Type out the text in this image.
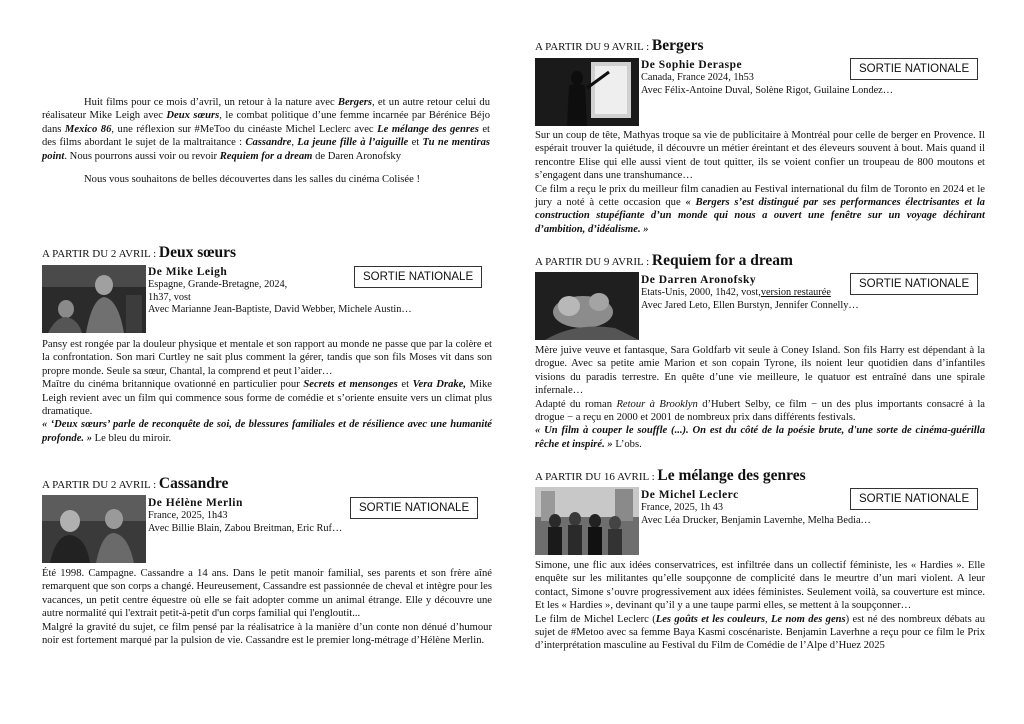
Huit films pour ce mois d’avril, un retour à la nature avec Bergers, et un autre retour celui du réalisateur Mike Leigh avec Deux sœurs, le combat politique d’une femme incarnée par Bérénice Béjo dans Mexico 86, une réflexion sur #MeToo du cinéaste Michel Leclerc avec Le mélange des genres et des films abordant le sujet de la maltraitance : Cassandre, La jeune fille à l’aiguille et Tu ne mentiras point. Nous pourrons aussi voir ou revoir Requiem for a dream de Daren Aronofsky

Nous vous souhaitons de belles découvertes dans les salles du cinéma Colisée !

A PARTIR DU 2 AVRIL : Deux sœurs
De Mike Leigh
Espagne, Grande-Bretagne, 2024,
1h37, vost
Avec Marianne Jean-Baptiste, David Webber, Michele Austin…
SORTIE NATIONALE

Pansy est rongée par la douleur physique et mentale et son rapport au monde ne passe que par la colère et la confrontation. Son mari Curtley ne sait plus comment la gérer, tandis que son fils Moses vit dans son propre monde. Seule sa sœur, Chantal, la comprend et peut l’aider…

Maître du cinéma britannique ovationné en particulier pour Secrets et mensonges et Vera Drake, Mike Leigh revient avec un film qui commence sous forme de comédie et s’oriente ensuite vers un climat plus dramatique.

« ‘Deux sœurs’ parle de reconquête de soi, de blessures familiales et de résilience avec une humanité profonde. » Le bleu du miroir.

A PARTIR DU 2 AVRIL : Cassandre
De Hélène Merlin
France, 2025, 1h43
Avec Billie Blain, Zabou Breitman, Eric Ruf…
SORTIE NATIONALE

Été 1998. Campagne. Cassandre a 14 ans. Dans le petit manoir familial, ses parents et son frère aîné remarquent que son corps a changé. Heureusement, Cassandre est passionnée de cheval et intègre pour les vacances, un petit centre équestre où elle se fait adopter comme un animal étrange. Elle y découvre une autre normalité qui l'extrait petit-à-petit d'un corps familial qui l'engloutit...

Malgré la gravité du sujet, ce film pensé par la réalisatrice à la manière d’un conte non dénué d’humour noir est fortement marqué par la pulsion de vie. Cassandre est le premier long-métrage d’Hélène Merlin.

A PARTIR DU 9 AVRIL : Bergers
De Sophie Deraspe
Canada, France 2024, 1h53
Avec Félix-Antoine Duval, Solène Rigot, Guilaine Londez…
SORTIE NATIONALE

Sur un coup de tête, Mathyas troque sa vie de publicitaire à Montréal pour celle de berger en Provence. Il espérait trouver la quiétude, il découvre un métier éreintant et des éleveurs souvent à bout. Mais quand il rencontre Elise qui elle aussi vient de tout quitter, ils se voient confier un troupeau de 800 moutons et s’engagent dans une transhumance…

Ce film a reçu le prix du meilleur film canadien au Festival international du film de Toronto en 2024 et le jury a noté à cette occasion que « Bergers s’est distingué par ses performances électrisantes et la construction stupéfiante d’un monde qui nous a ouvert une fenêtre sur un voyage déchirant d’ambition, d’idéalisme. »

A PARTIR DU 9 AVRIL : Requiem for a dream
De Darren Aronofsky
Etats-Unis, 2000, 1h42, vost,version restaurée
Avec Jared Leto, Ellen Burstyn, Jennifer Connelly…
SORTIE NATIONALE

Mère juive veuve et fantasque, Sara Goldfarb vit seule à Coney Island. Son fils Harry est dépendant à la drogue. Avec sa petite amie Marion et son copain Tyrone, ils noient leur quotidien dans d’infantiles visions du paradis terrestre. En quête d’une vie meilleure, le quatuor est entraîné dans une spirale infernale…

Adapté du roman Retour à Brooklyn d’Hubert Selby, ce film − un des plus importants consacré à la drogue − a reçu en 2000 et 2001 de nombreux prix dans différents festivals.

« Un film à couper le souffle (...). On est du côté de la poésie brute, d'une sorte de cinéma-guérilla rêche et inspiré. » L’obs.

A PARTIR DU 16 AVRIL : Le mélange des genres
De Michel Leclerc
France, 2025, 1h 43
Avec Léa Drucker, Benjamin Lavernhe, Melha Bedia…
SORTIE NATIONALE

Simone, une flic aux idées conservatrices, est infiltrée dans un collectif féministe, les « Hardies ». Elle enquête sur les militantes qu’elle soupçonne de complicité dans le meurtre d’un mari violent. A leur contact, Simone s’ouvre progressivement aux idées féministes. Seulement voilà, sa couverture est mince. Et les « Hardies », devinant qu’il y a une taupe parmi elles, se mettent à la soupçonner…

Le film de Michel Leclerc (Les goûts et les couleurs, Le nom des gens) est né des nombreux débats au sujet de #Metoo avec sa femme Baya Kasmi coscénariste. Benjamin Laverhne a reçu pour ce film le Prix d’interprétation masculine au Festival du Film de Comédie de l’Alpe d’Huez 2025
